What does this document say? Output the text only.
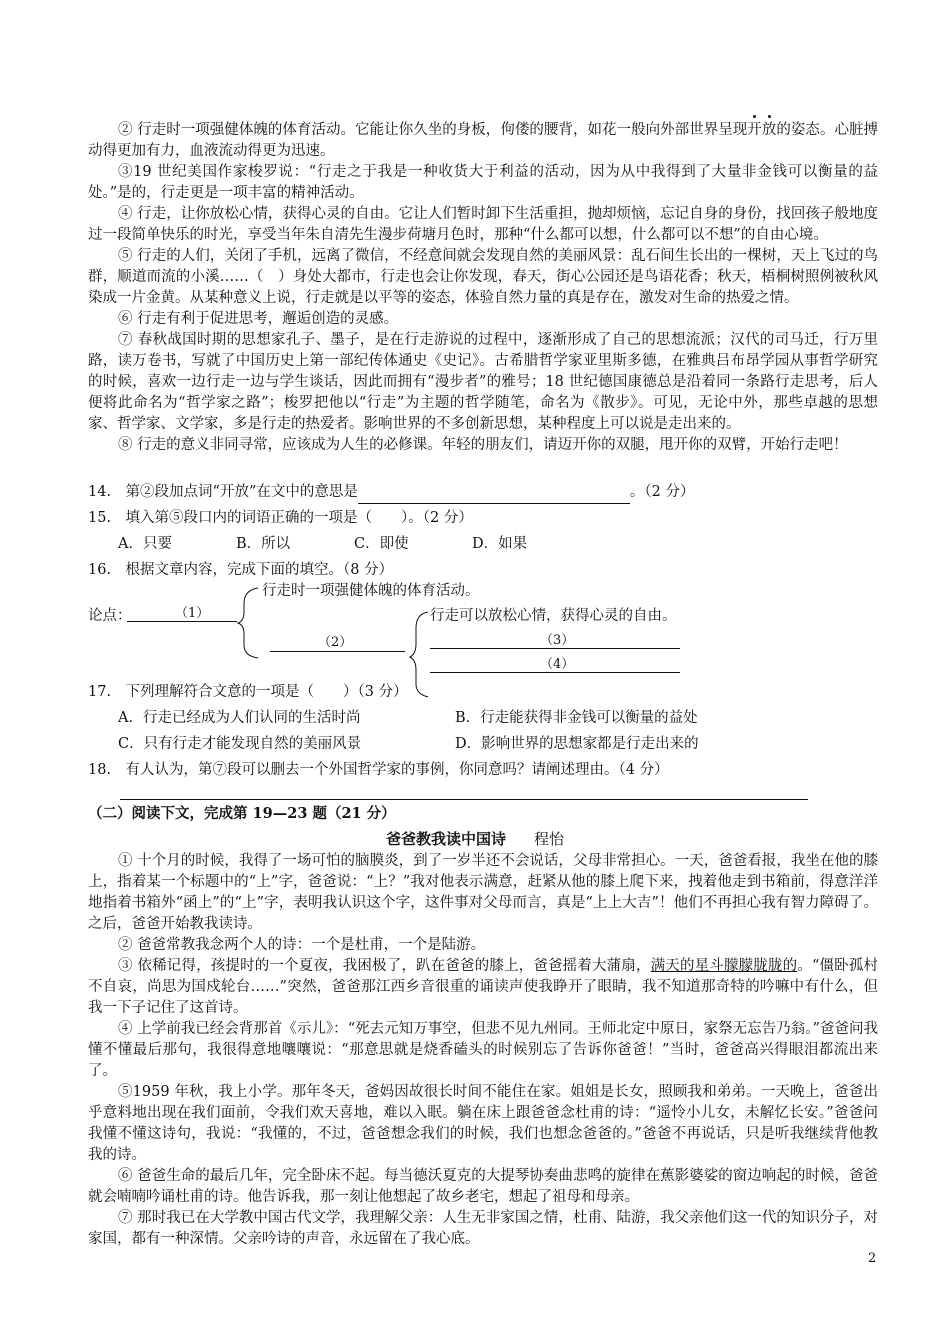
② 行走时一项强健体魄的体育活动。它能让你久坐的身板，佝偻的腰背，如花一般向外部世界呈现开放的姿态。心脏搏动得更加有力，血液流动得更为迅速。

③19 世纪美国作家梭罗说：“行走之于我是一种收货大于利益的活动，因为从中我得到了大量非金钱可以衡量的益处。”是的，行走更是一项丰富的精神活动。

④ 行走，让你放松心情，获得心灵的自由。它让人们暂时卸下生活重担，抛却烦恼，忘记自身的身份，找回孩子般地度过一段简单快乐的时光，享受当年朱自清先生漫步荷塘月色时，那种“什么都可以想，什么都可以不想”的自由心境。

⑤ 行走的人们，关闭了手机，远离了微信，不经意间就会发现自然的美丽风景：乱石间生长出的一棵树，天上飞过的鸟群，顺道而流的小溪……（　）身处大都市，行走也会让你发现，春天，街心公园还是鸟语花香；秋天，梧桐树照例被秋风染成一片金黄。从某种意义上说，行走就是以平等的姿态，体验自然力量的真是存在，激发对生命的热爱之情。

⑥ 行走有利于促进思考，邂逅创造的灵感。

⑦ 春秋战国时期的思想家孔子、墨子，是在行走游说的过程中，逐渐形成了自己的思想流派；汉代的司马迁，行万里路，读万卷书，写就了中国历史上第一部纪传体通史《史记》。古希腊哲学家亚里斯多德，在雅典吕布昂学园从事哲学研究的时候，喜欢一边行走一边与学生谈话，因此而拥有“漫步者”的雅号；18 世纪德国康德总是沿着同一条路行走思考，后人便将此命名为“哲学家之路”；梭罗把他以“行走”为主题的哲学随笔，命名为《散步》。可见，无论中外，那些卓越的思想家、哲学家、文学家，多是行走的热爱者。影响世界的不多创新思想，某种程度上可以说是走出来的。

⑧ 行走的意义非同寻常，应该成为人生的必修课。年轻的朋友们，请迈开你的双腿，甩开你的双臂，开始行走吧！

14.　第②段加点词“开放”在文中的意思是	。（2 分）
15.　填入第⑤段口内的词语正确的一项是（　　）。（2 分）
A．只要	B．所以	C．即使	D．如果
16.　根据文章内容，完成下面的填空。（8 分）
行走时一项强健体魄的体育活动。
论点：	（1）
（2）
行走可以放松心情，获得心灵的自由。
（3）
（4）
17.　下列理解符合文意的一项是（　　）（3 分）
A．行走已经成为人们认同的生活时尚	B．行走能获得非金钱可以衡量的益处
C．只有行走才能发现自然的美丽风景	D．影响世界的思想家都是行走出来的
18.　有人认为，第⑦段可以删去一个外国哲学家的事例，你同意吗？请阐述理由。（4 分）
（二）阅读下文，完成第 19—23 题（21 分）
爸爸教我读中国诗 程怡

① 十个月的时候，我得了一场可怕的脑膜炎，到了一岁半还不会说话，父母非常担心。一天，爸爸看报，我坐在他的膝上，指着某一个标题中的“上”字，爸爸说：“上？”我对他表示满意，赶紧从他的膝上爬下来，拽着他走到书箱前，得意洋洋地指着书箱外“函上”的“上”字，表明我认识这个字，这件事对父母而言，真是“上上大吉”！他们不再担心我有智力障碍了。之后，爸爸开始教我读诗。

② 爸爸常教我念两个人的诗：一个是杜甫，一个是陆游。

③ 依稀记得，孩提时的一个夏夜，我困极了，趴在爸爸的膝上，爸爸摇着大蒲扇，满天的星斗朦朦胧胧的。“僵卧孤村不自哀，尚思为国戍轮台……”突然，爸爸那江西乡音很重的诵读声使我睁开了眼睛，我不知道那奇特的吟嘛中有什么，但我一下子记住了这首诗。

④ 上学前我已经会背那首《示儿》：“死去元知万事空，但悲不见九州同。王师北定中原日，家祭无忘告乃翁。”爸爸问我懂不懂最后那句，我很得意地嚷嚷说：“那意思就是烧香磕头的时候别忘了告诉你爸爸！”当时，爸爸高兴得眼泪都流出来了。

⑤1959 年秋，我上小学。那年冬天，爸妈因故很长时间不能住在家。姐姐是长女，照顾我和弟弟。一天晚上，爸爸出乎意料地出现在我们面前，令我们欢天喜地，难以入眠。躺在床上跟爸爸念杜甫的诗：“遥怜小儿女，未解忆长安。”爸爸问我懂不懂这诗句，我说：“我懂的，不过，爸爸想念我们的时候，我们也想念爸爸的。”爸爸不再说话，只是听我继续背他教我的诗。

⑥ 爸爸生命的最后几年，完全卧床不起。每当德沃夏克的大提琴协奏曲悲鸣的旋律在蕉影婆娑的窗边响起的时候，爸爸就会喃喃吟诵杜甫的诗。他告诉我，那一刻让他想起了故乡老宅，想起了祖母和母亲。

⑦ 那时我已在大学教中国古代文学，我理解父亲：人生无非家国之情，杜甫、陆游，我父亲他们这一代的知识分子，对家国，都有一种深情。父亲吟诗的声音，永远留在了我心底。

2
